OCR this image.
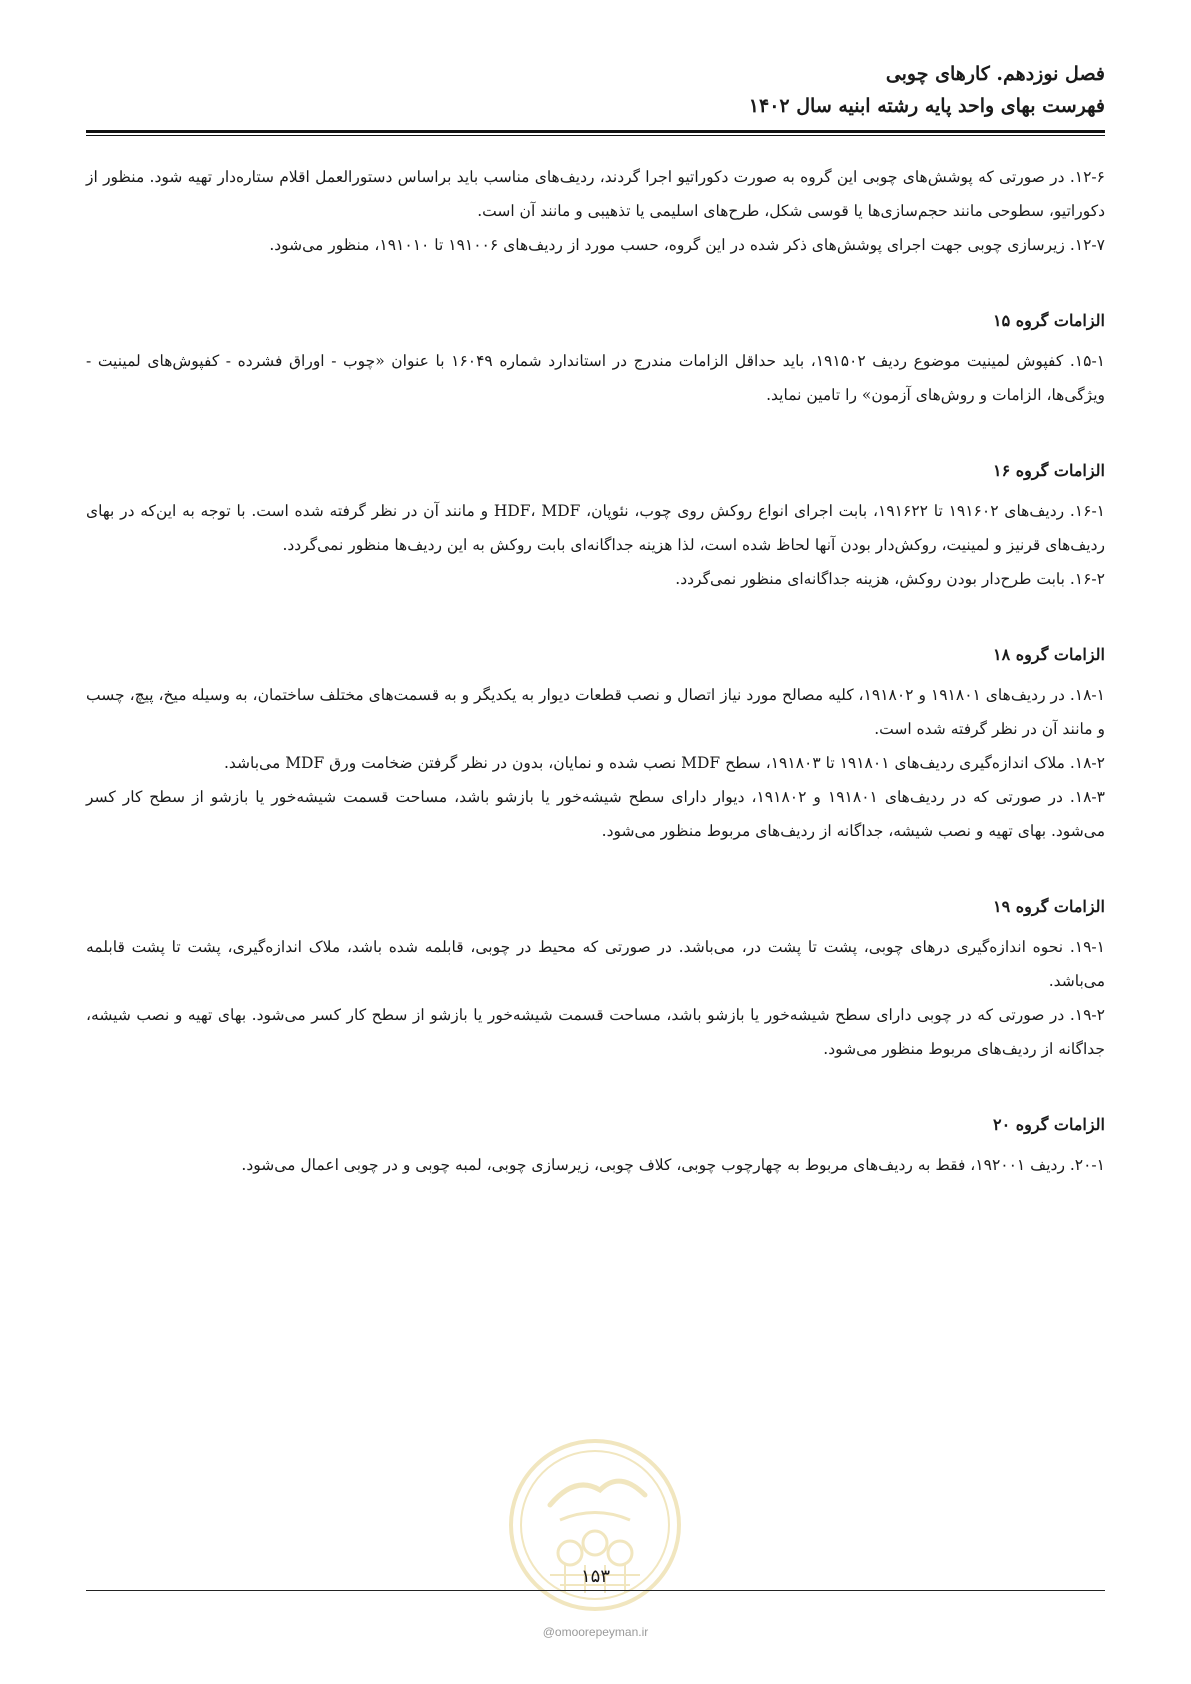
فصل نوزدهم. کارهای چوبی
فهرست بهای واحد پایه رشته ابنیه سال ۱۴۰۲

۱۲-۶. در صورتی که پوشش‌های چوبی این گروه به صورت دکوراتیو اجرا گردند، ردیف‌های مناسب باید براساس دستورالعمل اقلام ستاره‌دار تهیه شود. منظور از دکوراتیو، سطوحی مانند حجم‌سازی‌ها یا قوسی شکل، طرح‌های اسلیمی یا تذهیبی و مانند آن است.

۱۲-۷. زیرسازی چوبی جهت اجرای پوشش‌های ذکر شده در این گروه، حسب مورد از ردیف‌های ۱۹۱۰۰۶ تا ۱۹۱۰۱۰، منظور می‌شود.

الزامات گروه ۱۵

۱۵-۱. کفپوش لمینیت موضوع ردیف ۱۹۱۵۰۲، باید حداقل الزامات مندرج در استاندارد شماره ۱۶۰۴۹ با عنوان «چوب - اوراق فشرده - کفپوش‌های لمینیت - ویژگی‌ها، الزامات و روش‌های آزمون» را تامین نماید.

الزامات گروه ۱۶

۱۶-۱. ردیف‌های ۱۹۱۶۰۲ تا ۱۹۱۶۲۲، بابت اجرای انواع روکش روی چوب، نئوپان، HDF، MDF و مانند آن در نظر گرفته شده است. با توجه به این‌که در بهای ردیف‌های قرنیز و لمینیت، روکش‌دار بودن آنها لحاظ شده است، لذا هزینه جداگانه‌ای بابت روکش به این ردیف‌ها منظور نمی‌گردد.

۱۶-۲. بابت طرح‌دار بودن روکش، هزینه جداگانه‌ای منظور نمی‌گردد.

الزامات گروه ۱۸

۱۸-۱. در ردیف‌های ۱۹۱۸۰۱ و ۱۹۱۸۰۲، کلیه مصالح مورد نیاز اتصال و نصب قطعات دیوار به یکدیگر و به قسمت‌های مختلف ساختمان، به وسیله میخ، پیچ، چسب و مانند آن در نظر گرفته شده است.

۱۸-۲. ملاک اندازه‌گیری ردیف‌های ۱۹۱۸۰۱ تا ۱۹۱۸۰۳، سطح MDF نصب شده و نمایان، بدون در نظر گرفتن ضخامت ورق MDF می‌باشد.

۱۸-۳. در صورتی که در ردیف‌های ۱۹۱۸۰۱ و ۱۹۱۸۰۲، دیوار دارای سطح شیشه‌خور یا بازشو باشد، مساحت قسمت شیشه‌خور یا بازشو از سطح کار کسر می‌شود. بهای تهیه و نصب شیشه، جداگانه از ردیف‌های مربوط منظور می‌شود.

الزامات گروه ۱۹

۱۹-۱. نحوه اندازه‌گیری درهای چوبی، پشت تا پشت در، می‌باشد. در صورتی که محیط در چوبی، قابلمه شده باشد، ملاک اندازه‌گیری، پشت تا پشت قابلمه می‌باشد.

۱۹-۲. در صورتی که در چوبی دارای سطح شیشه‌خور یا بازشو باشد، مساحت قسمت شیشه‌خور یا بازشو از سطح کار کسر می‌شود. بهای تهیه و نصب شیشه، جداگانه از ردیف‌های مربوط منظور می‌شود.

الزامات گروه ۲۰

۲۰-۱. ردیف ۱۹۲۰۰۱، فقط به ردیف‌های مربوط به چهارچوب چوبی، کلاف چوبی، زیرسازی چوبی، لمبه چوبی و در چوبی اعمال می‌شود.

۱۵۳
@omoorepeyman.ir
